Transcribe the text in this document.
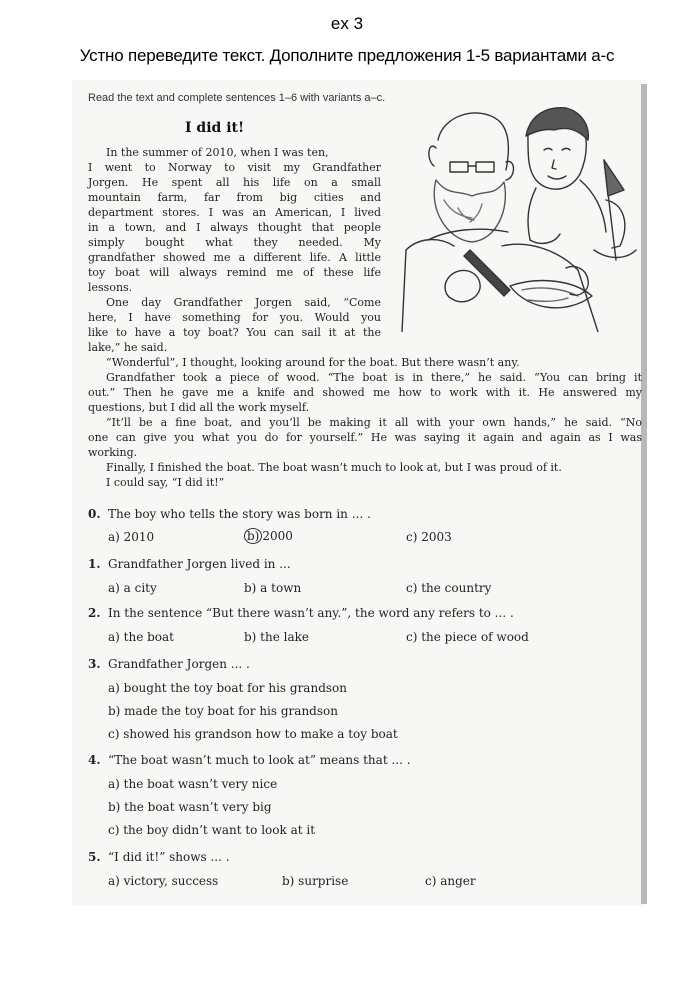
ex 3
Устно переведите текст. Дополните предложения 1-5 вариантами a-c
Read the text and complete sentences 1–6 with variants a–c.
I did it!
In the summer of 2010, when I was ten,
I went to Norway to visit my Grandfather
Jorgen. He spent all his life on a small
mountain farm, far from big cities and
department stores. I was an American, I lived
in a town, and I always thought that people
simply bought what they needed. My
grandfather showed me a different life. A little
toy boat will always remind me of these life
lessons.
One day Grandfather Jorgen said, “Come
here, I have something for you. Would you
like to have a toy boat? You can sail it at the
lake,” he said.
“Wonderful”, I thought, looking around for the boat. But there wasn’t any.
Grandfather took a piece of wood. “The boat is in there,” he said. “You can bring it
out.” Then he gave me a knife and showed me how to work with it. He answered my
questions, but I did all the work myself.
“It’ll be a fine boat, and you’ll be making it all with your own hands,” he said. “No
one can give you what you do for yourself.” He was saying it again and again as I was
working.
Finally, I finished the boat. The boat wasn’t much to look at, but I was proud of it.
I could say, “I did it!”
0. The boy who tells the story was born in ... .
a) 2010	b) 2000	c) 2003
1. Grandfather Jorgen lived in ...
a) a city	b) a town	c) the country
2. In the sentence “But there wasn’t any.”, the word any refers to ... .
a) the boat	b) the lake	c) the piece of wood
3. Grandfather Jorgen ... .
a) bought the toy boat for his grandson
b) made the toy boat for his grandson
c) showed his grandson how to make a toy boat
4. “The boat wasn’t much to look at” means that ... .
a) the boat wasn’t very nice
b) the boat wasn’t very big
c) the boy didn’t want to look at it
5. “I did it!” shows ... .
a) victory, success	b) surprise	c) anger
